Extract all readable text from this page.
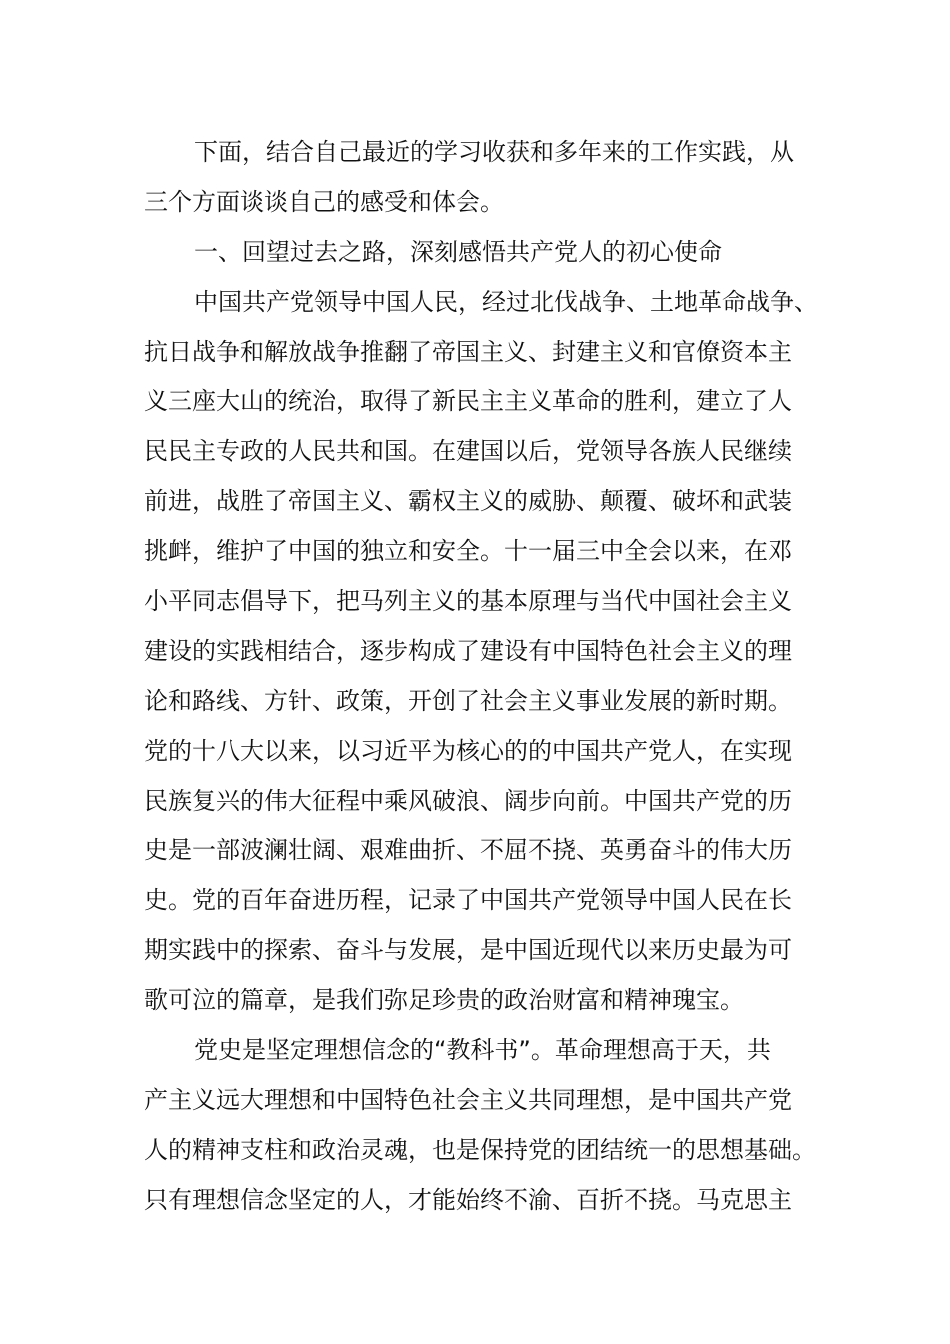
下面，结合自己最近的学习收获和多年来的工作实践，从
三个方面谈谈自己的感受和体会。
一、回望过去之路，深刻感悟共产党人的初心使命
中国共产党领导中国人民，经过北伐战争、土地革命战争、
抗日战争和解放战争推翻了帝国主义、封建主义和官僚资本主
义三座大山的统治，取得了新民主主义革命的胜利，建立了人
民民主专政的人民共和国。在建国以后，党领导各族人民继续
前进，战胜了帝国主义、霸权主义的威胁、颠覆、破坏和武装
挑衅，维护了中国的独立和安全。十一届三中全会以来，在邓
小平同志倡导下，把马列主义的基本原理与当代中国社会主义
建设的实践相结合，逐步构成了建设有中国特色社会主义的理
论和路线、方针、政策，开创了社会主义事业发展的新时期。
党的十八大以来，以习近平为核心的的中国共产党人，在实现
民族复兴的伟大征程中乘风破浪、阔步向前。中国共产党的历
史是一部波澜壮阔、艰难曲折、不屈不挠、英勇奋斗的伟大历
史。党的百年奋进历程，记录了中国共产党领导中国人民在长
期实践中的探索、奋斗与发展，是中国近现代以来历史最为可
歌可泣的篇章，是我们弥足珍贵的政治财富和精神瑰宝。
党史是坚定理想信念的“教科书”。革命理想高于天，共
产主义远大理想和中国特色社会主义共同理想，是中国共产党
人的精神支柱和政治灵魂，也是保持党的团结统一的思想基础。
只有理想信念坚定的人，才能始终不渝、百折不挠。马克思主
